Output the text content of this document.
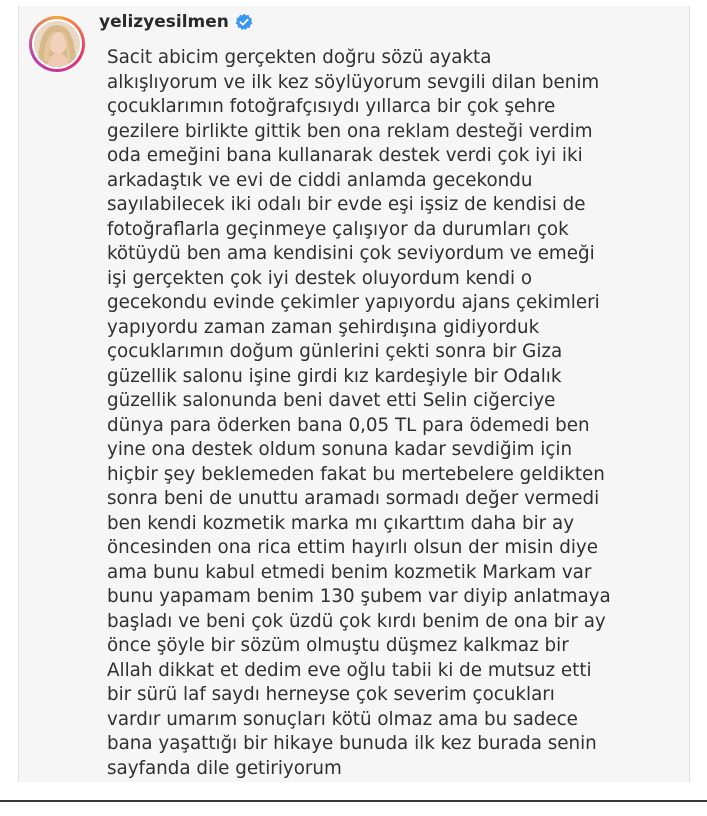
yelizyesilmen

Sacit abicim gerçekten doğru sözü ayakta
alkışlıyorum ve ilk kez söylüyorum sevgili dilan benim
çocuklarımın fotoğrafçısıydı yıllarca bir çok şehre
gezilere birlikte gittik ben ona reklam desteği verdim
oda emeğini bana kullanarak destek verdi çok iyi iki
arkadaştık ve evi de ciddi anlamda gecekondu
sayılabilecek iki odalı bir evde eşi işsiz de kendisi de
fotoğraflarla geçinmeye çalışıyor da durumları çok
kötüydü ben ama kendisini çok seviyordum ve emeği
işi gerçekten çok iyi destek oluyordum kendi o
gecekondu evinde çekimler yapıyordu ajans çekimleri
yapıyordu zaman zaman şehirdışına gidiyorduk
çocuklarımın doğum günlerini çekti sonra bir Giza
güzellik salonu işine girdi kız kardeşiyle bir Odalık
güzellik salonunda beni davet etti Selin ciğerciye
dünya para öderken bana 0,05 TL para ödemedi ben
yine ona destek oldum sonuna kadar sevdiğim için
hiçbir şey beklemeden fakat bu mertebelere geldikten
sonra beni de unuttu aramadı sormadı değer vermedi
ben kendi kozmetik marka mı çıkarttım daha bir ay
öncesinden ona rica ettim hayırlı olsun der misin diye
ama bunu kabul etmedi benim kozmetik Markam var
bunu yapamam benim 130 şubem var diyip anlatmaya
başladı ve beni çok üzdü çok kırdı benim de ona bir ay
önce şöyle bir sözüm olmuştu düşmez kalkmaz bir
Allah dikkat et dedim eve oğlu tabii ki de mutsuz etti
bir sürü laf saydı herneyse çok severim çocukları
vardır umarım sonuçları kötü olmaz ama bu sadece
bana yaşattığı bir hikaye bunuda ilk kez burada senin
sayfanda dile getiriyorum
